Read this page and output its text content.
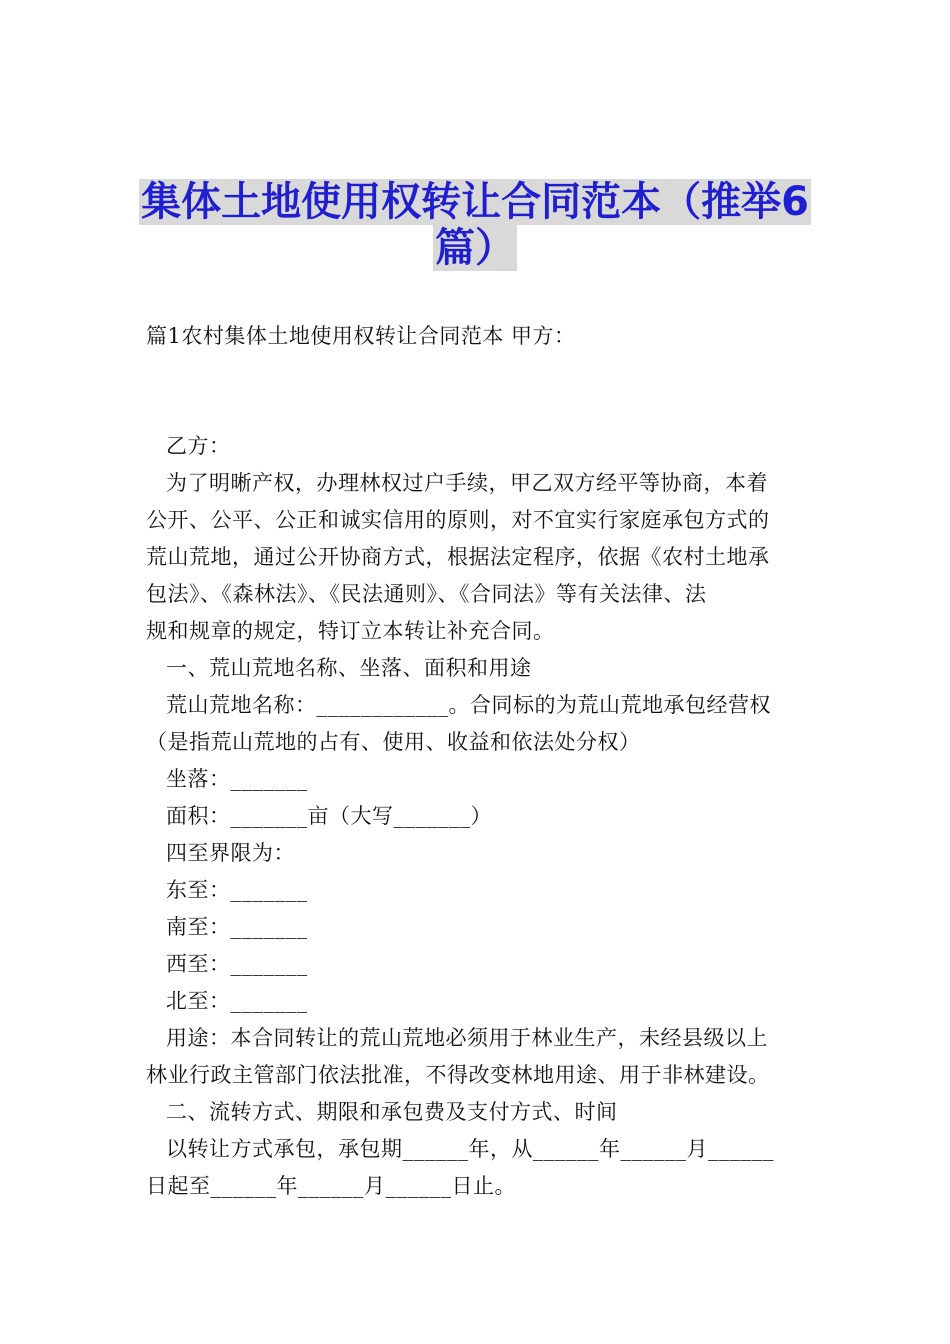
集体土地使用权转让合同范本（推举6
篇）
篇1农村集体土地使用权转让合同范本 甲方：
乙方：
为了明晰产权，办理林权过户手续，甲乙双方经平等协商，本着
公开、公平、公正和诚实信用的原则，对不宜实行家庭承包方式的
荒山荒地，通过公开协商方式，根据法定程序，依据《农村土地承
包法》、《森林法》、《民法通则》、《合同法》等有关法律、法
规和规章的规定，特订立本转让补充合同。
一、荒山荒地名称、坐落、面积和用途
荒山荒地名称：____________。合同标的为荒山荒地承包经营权
（是指荒山荒地的占有、使用、收益和依法处分权）
坐落：_______
面积：_______亩（大写_______）
四至界限为：
东至：_______
南至：_______
西至：_______
北至：_______
用途：本合同转让的荒山荒地必须用于林业生产，未经县级以上
林业行政主管部门依法批准，不得改变林地用途、用于非林建设。
二、流转方式、期限和承包费及支付方式、时间
以转让方式承包，承包期______年，从______年______月______
日起至______年______月______日止。
